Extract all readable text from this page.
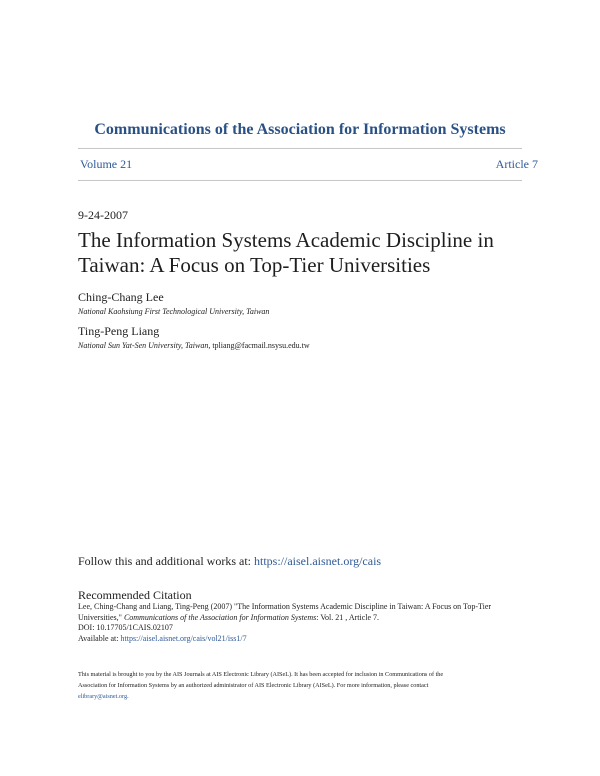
Communications of the Association for Information Systems
Volume 21	Article 7
9-24-2007
The Information Systems Academic Discipline in Taiwan: A Focus on Top-Tier Universities
Ching-Chang Lee
National Kaohsiung First Technological University, Taiwan
Ting-Peng Liang
National Sun Yat-Sen University, Taiwan, tpliang@facmail.nsysu.edu.tw
Follow this and additional works at: https://aisel.aisnet.org/cais
Recommended Citation
Lee, Ching-Chang and Liang, Ting-Peng (2007) "The Information Systems Academic Discipline in Taiwan: A Focus on Top-Tier
Universities," Communications of the Association for Information Systems: Vol. 21 , Article 7.
DOI: 10.17705/1CAIS.02107
Available at: https://aisel.aisnet.org/cais/vol21/iss1/7
This material is brought to you by the AIS Journals at AIS Electronic Library (AISeL). It has been accepted for inclusion in Communications of the
Association for Information Systems by an authorized administrator of AIS Electronic Library (AISeL). For more information, please contact
elibrary@aisnet.org.
